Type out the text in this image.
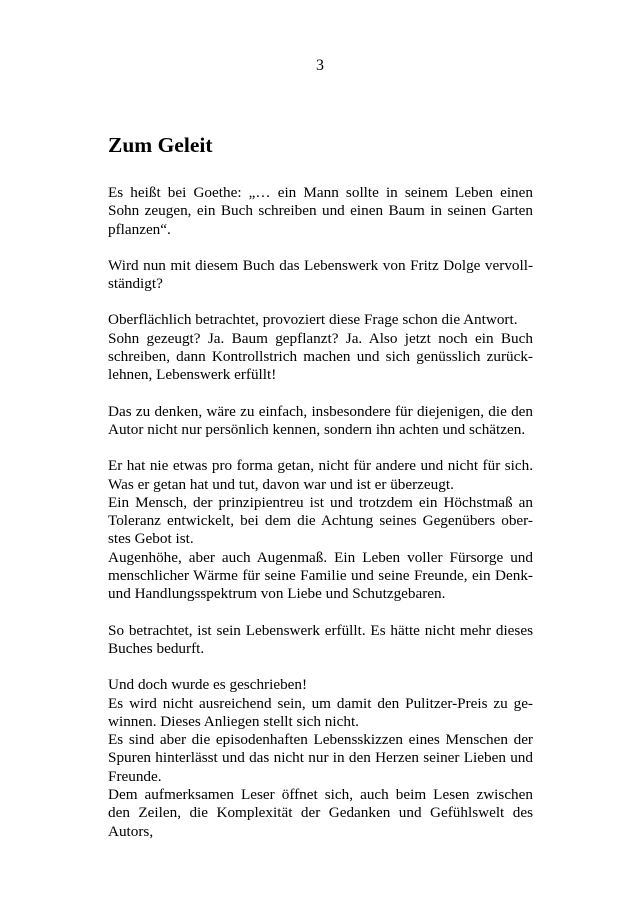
3
Zum Geleit
Es heißt bei Goethe: „… ein Mann sollte in seinem Leben einen
Sohn zeugen, ein Buch schreiben und einen Baum in seinen Garten
pflanzen“.
Wird nun mit diesem Buch das Lebenswerk von Fritz Dolge vervoll-
ständigt?
Oberflächlich betrachtet, provoziert diese Frage schon die Antwort.
Sohn gezeugt? Ja. Baum gepflanzt? Ja. Also jetzt noch ein Buch
schreiben, dann Kontrollstrich machen und sich genüsslich zurück-
lehnen, Lebenswerk erfüllt!
Das zu denken, wäre zu einfach, insbesondere für diejenigen, die den
Autor nicht nur persönlich kennen, sondern ihn achten und schätzen.
Er hat nie etwas pro forma getan, nicht für andere und nicht für sich.
Was er getan hat und tut, davon war und ist er überzeugt.
Ein Mensch, der prinzipientreu ist und trotzdem ein Höchstmaß an
Toleranz entwickelt, bei dem die Achtung seines Gegenübers ober-
stes Gebot ist.
Augenhöhe, aber auch Augenmaß. Ein Leben voller Fürsorge und
menschlicher Wärme für seine Familie und seine Freunde, ein Denk-
und Handlungsspektrum von Liebe und Schutzgebaren.
So betrachtet, ist sein Lebenswerk erfüllt. Es hätte nicht mehr dieses
Buches bedurft.
Und doch wurde es geschrieben!
Es wird nicht ausreichend sein, um damit den Pulitzer-Preis zu ge-
winnen. Dieses Anliegen stellt sich nicht.
Es sind aber die episodenhaften Lebensskizzen eines Menschen der
Spuren hinterlässt und das nicht nur in den Herzen seiner Lieben und
Freunde.
Dem aufmerksamen Leser öffnet sich, auch beim Lesen zwischen
den Zeilen, die Komplexität der Gedanken und Gefühlswelt des
Autors,
